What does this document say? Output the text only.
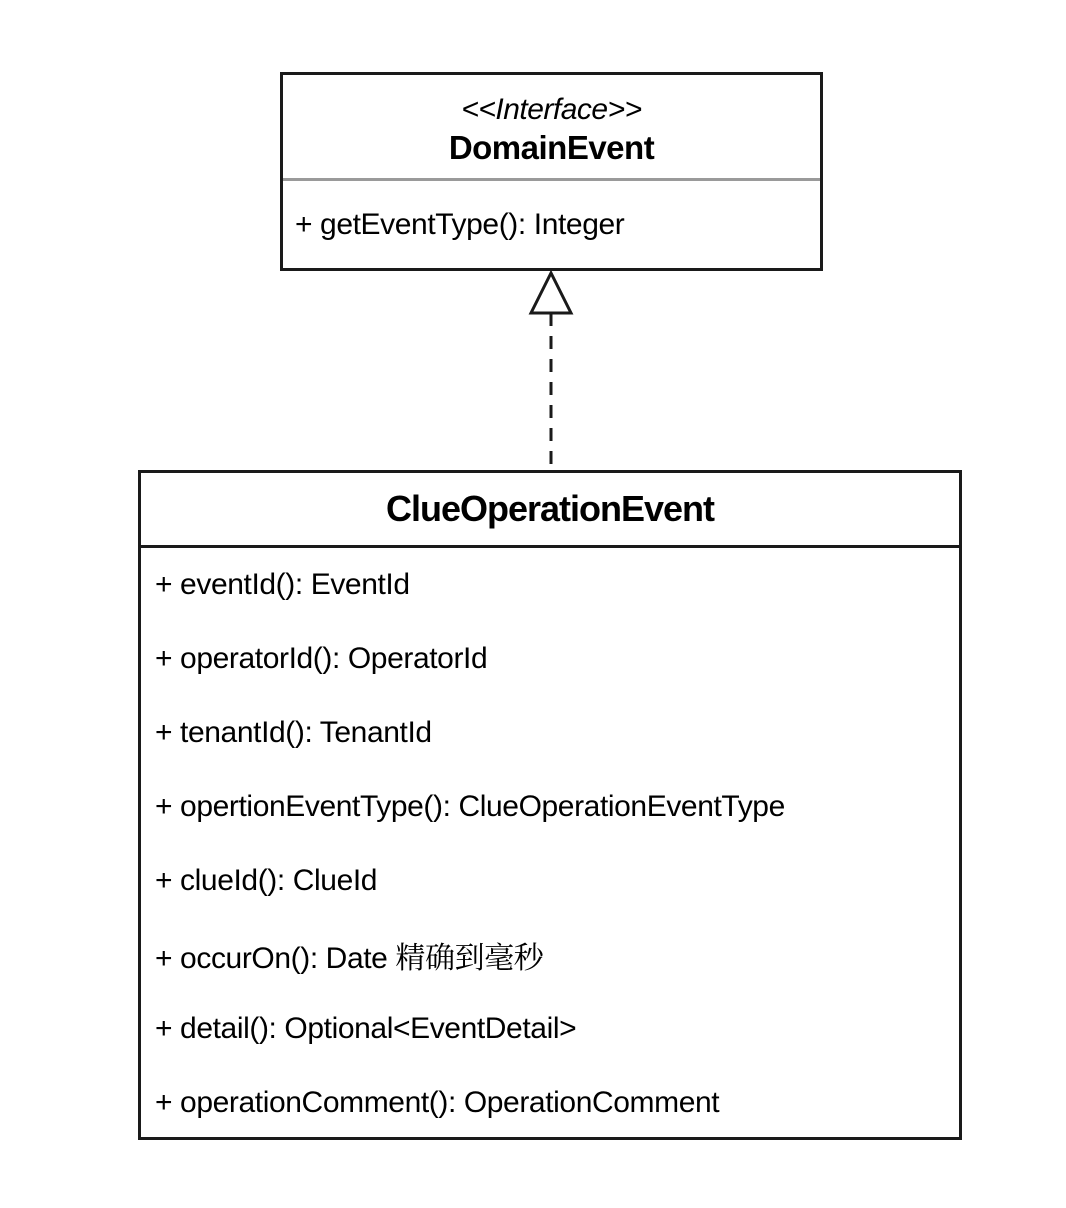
<<Interface>>
DomainEvent
+ getEventType(): Integer
ClueOperationEvent
+ eventId(): EventId
+ operatorId(): OperatorId
+ tenantId(): TenantId
+ opertionEventType(): ClueOperationEventType
+ clueId(): ClueId
+ occurOn(): Date 精确到毫秒
+ detail(): Optional<EventDetail>
+ operationComment(): OperationComment
